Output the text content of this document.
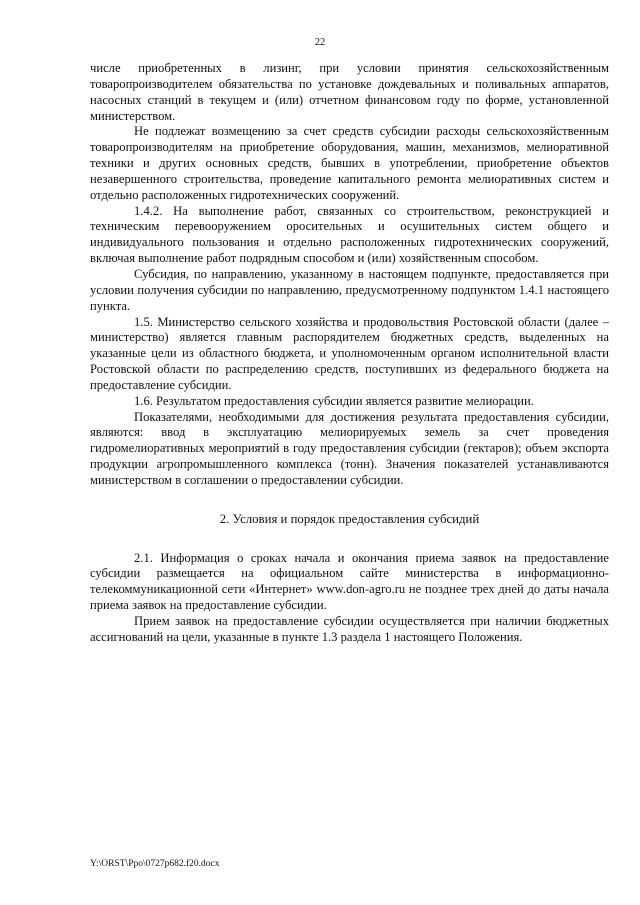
22

числе приобретенных в лизинг, при условии принятия сельскохозяйственным товаропроизводителем обязательства по установке дождевальных и поливальных аппаратов, насосных станций в текущем и (или) отчетном финансовом году по форме, установленной министерством.

Не подлежат возмещению за счет средств субсидии расходы сельскохозяйственным товаропроизводителям на приобретение оборудования, машин, механизмов, мелиоративной техники и других основных средств, бывших в употреблении, приобретение объектов незавершенного строительства, проведение капитального ремонта мелиоративных систем и отдельно расположенных гидротехнических сооружений.

1.4.2. На выполнение работ, связанных со строительством, реконструкцией и техническим перевооружением оросительных и осушительных систем общего и индивидуального пользования и отдельно расположенных гидротехнических сооружений, включая выполнение работ подрядным способом и (или) хозяйственным способом.

Субсидия, по направлению, указанному в настоящем подпункте, предоставляется при условии получения субсидии по направлению, предусмотренному подпунктом 1.4.1 настоящего пункта.

1.5. Министерство сельского хозяйства и продовольствия Ростовской области (далее – министерство) является главным распорядителем бюджетных средств, выделенных на указанные цели из областного бюджета, и уполномоченным органом исполнительной власти Ростовской области по распределению средств, поступивших из федерального бюджета на предоставление субсидии.

1.6. Результатом предоставления субсидии является развитие мелиорации.

Показателями, необходимыми для достижения результата предоставления субсидии, являются: ввод в эксплуатацию мелиорируемых земель за счет проведения гидромелиоративных мероприятий в году предоставления субсидии (гектаров); объем экспорта продукции агропромышленного комплекса (тонн). Значения показателей устанавливаются министерством в соглашении о предоставлении субсидии.

2. Условия и порядок предоставления субсидий

2.1. Информация о сроках начала и окончания приема заявок на предоставление субсидии размещается на официальном сайте министерства в информационно-телекоммуникационной сети «Интернет» www.don-agro.ru не позднее трех дней до даты начала приема заявок на предоставление субсидии.

Прием заявок на предоставление субсидии осуществляется при наличии бюджетных ассигнований на цели, указанные в пункте 1.3 раздела 1 настоящего Положения.

Y:\ORST\Ppo\0727p682.f20.docx
